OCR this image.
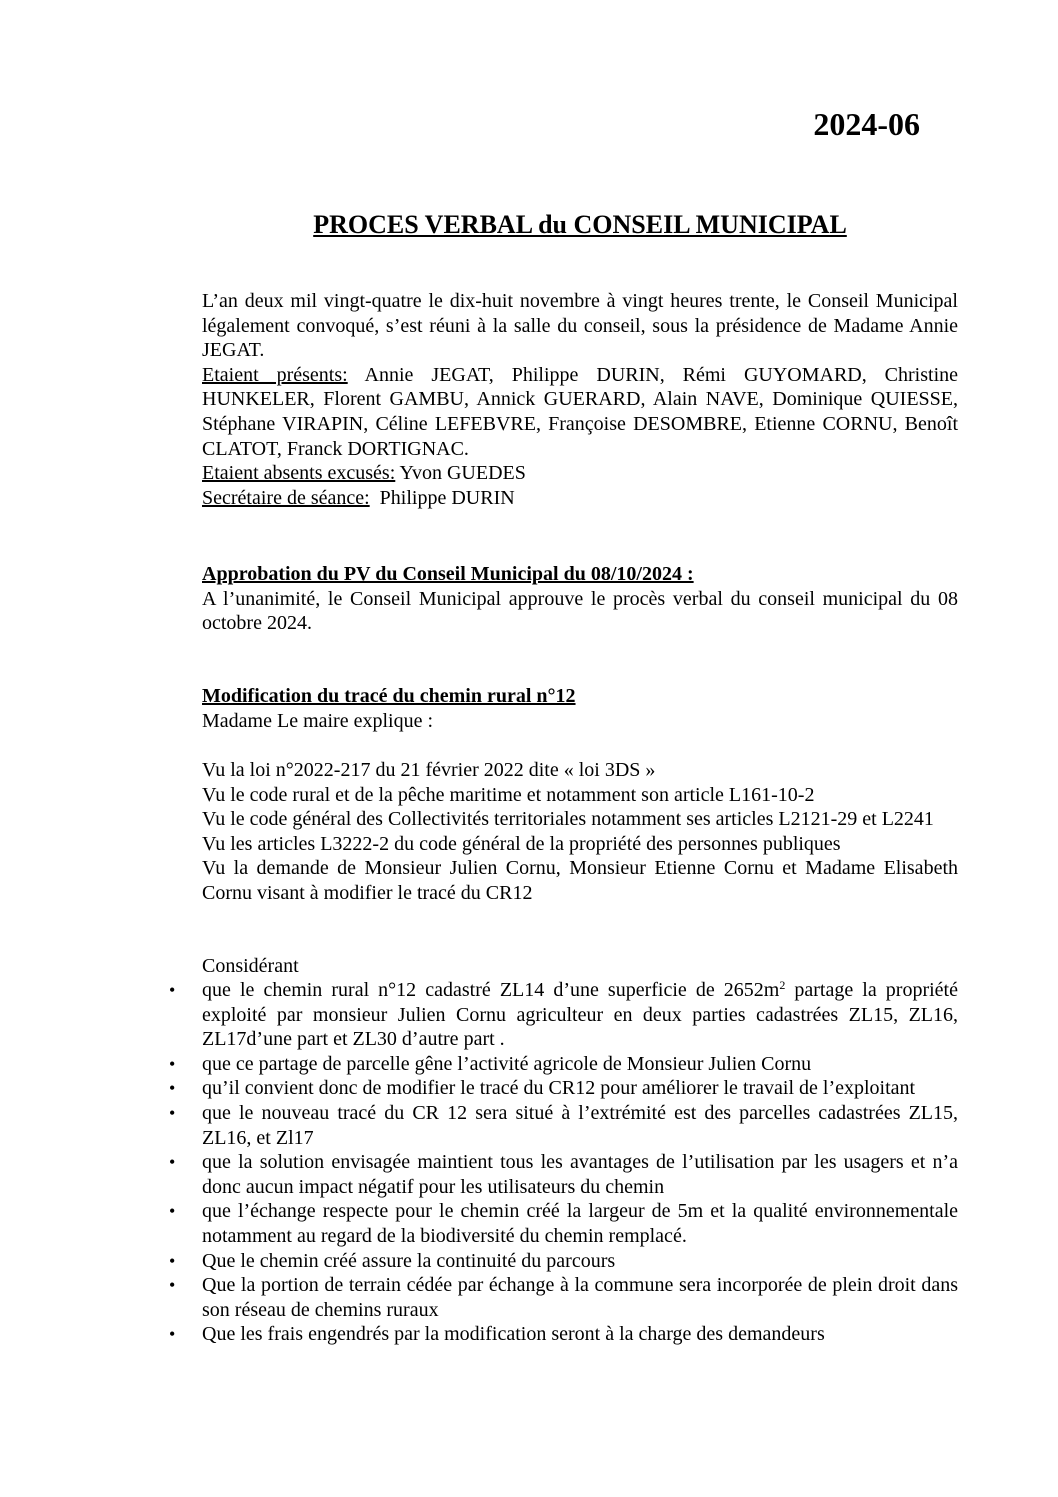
2024-06
PROCES VERBAL du CONSEIL MUNICIPAL

L’an deux mil vingt-quatre le dix-huit novembre à vingt heures trente, le Conseil Municipal légalement convoqué, s’est réuni à la salle du conseil, sous la présidence de Madame Annie JEGAT.

Etaient présents: Annie JEGAT, Philippe DURIN, Rémi GUYOMARD, Christine HUNKELER, Florent GAMBU, Annick GUERARD, Alain NAVE, Dominique QUIESSE, Stéphane VIRAPIN, Céline LEFEBVRE, Françoise DESOMBRE, Etienne CORNU, Benoît CLATOT, Franck DORTIGNAC.

Etaient absents excusés: Yvon GUEDES

Secrétaire de séance:  Philippe DURIN

Approbation du PV du Conseil Municipal du 08/10/2024 :

A l’unanimité, le Conseil Municipal approuve le procès verbal du conseil municipal du 08 octobre 2024.

Modification du tracé du chemin rural n°12

Madame Le maire explique :

Vu la loi n°2022-217 du 21 février 2022 dite « loi 3DS »

Vu le code rural et de la pêche maritime et notamment son article L161-10-2

Vu le code général des Collectivités territoriales notamment ses articles L2121-29 et L2241

Vu les articles L3222-2 du code général de la propriété des personnes publiques

Vu la demande de Monsieur Julien Cornu, Monsieur Etienne Cornu et Madame Elisabeth Cornu visant à modifier le tracé du CR12

Considérant
• que le chemin rural n°12 cadastré ZL14 d’une superficie de $2652m^2$ partage la propriété exploité par monsieur Julien Cornu agriculteur en deux parties cadastrées ZL15, ZL16, ZL17d’une part et ZL30 d’autre part .
• que ce partage de parcelle gêne l’activité agricole de Monsieur Julien Cornu
• qu’il convient donc de modifier le tracé du CR12 pour améliorer le travail de l’exploitant
• que le nouveau tracé du CR 12 sera situé à l’extrémité est des parcelles cadastrées ZL15, ZL16, et Zl17
• que la solution envisagée maintient tous les avantages de l’utilisation par les usagers et n’a donc aucun impact négatif pour les utilisateurs du chemin
• que l’échange respecte pour le chemin créé la largeur de 5m et la qualité environnementale notamment au regard de la biodiversité du chemin remplacé.
• Que le chemin créé assure la continuité du parcours
• Que la portion de terrain cédée par échange à la commune sera incorporée de plein droit dans son réseau de chemins ruraux
• Que les frais engendrés par la modification seront à la charge des demandeurs
